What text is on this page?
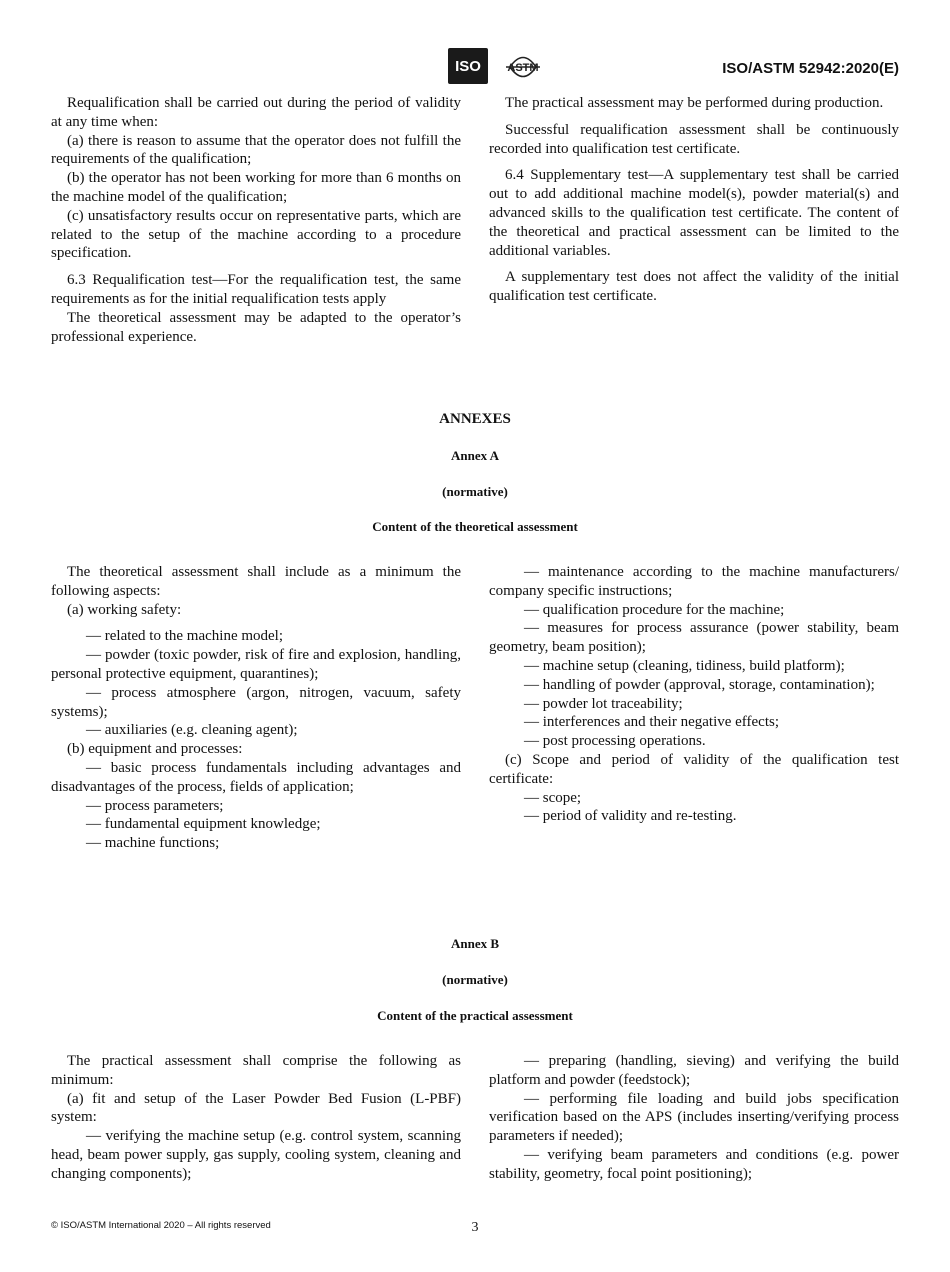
ISO	ASTM	ISO/ASTM 52942:2020(E)

Requalification shall be carried out during the period of validity at any time when:

(a) there is reason to assume that the operator does not fulfill the requirements of the qualification;

(b) the operator has not been working for more than 6 months on the machine model of the qualification;

(c) unsatisfactory results occur on representative parts, which are related to the setup of the machine according to a procedure specification.

6.3 Requalification test—For the requalification test, the same requirements as for the initial requalification tests apply

The theoretical assessment may be adapted to the operator’s professional experience.

The practical assessment may be performed during production.

Successful requalification assessment shall be continuously recorded into qualification test certificate.

6.4 Supplementary test—A supplementary test shall be carried out to add additional machine model(s), powder material(s) and advanced skills to the qualification test certificate. The content of the theoretical and practical assessment can be limited to the additional variables.

A supplementary test does not affect the validity of the initial qualification test certificate.

ANNEXES
Annex A
(normative)
Content of the theoretical assessment

The theoretical assessment shall include as a minimum the following aspects:

(a) working safety:

— related to the machine model;

— powder (toxic powder, risk of fire and explosion, handling, personal protective equipment, quarantines);

— process atmosphere (argon, nitrogen, vacuum, safety systems);

— auxiliaries (e.g. cleaning agent);

(b) equipment and processes:

— basic process fundamentals including advantages and disadvantages of the process, fields of application;

— process parameters;

— fundamental equipment knowledge;

— machine functions;

— maintenance according to the machine manufacturers/ company specific instructions;

— qualification procedure for the machine;

— measures for process assurance (power stability, beam geometry, beam position);

— machine setup (cleaning, tidiness, build platform);

— handling of powder (approval, storage, contamination);

— powder lot traceability;

— interferences and their negative effects;

— post processing operations.

(c) Scope and period of validity of the qualification test certificate:

— scope;

— period of validity and re-testing.

Annex B
(normative)
Content of the practical assessment

The practical assessment shall comprise the following as minimum:

(a) fit and setup of the Laser Powder Bed Fusion (L-PBF) system:

— verifying the machine setup (e.g. control system, scanning head, beam power supply, gas supply, cooling system, cleaning and changing components);

— preparing (handling, sieving) and verifying the build platform and powder (feedstock);

— performing file loading and build jobs specification verification based on the APS (includes inserting/verifying process parameters if needed);

— verifying beam parameters and conditions (e.g. power stability, geometry, focal point positioning);

© ISO/ASTM International 2020 – All rights reserved	3
